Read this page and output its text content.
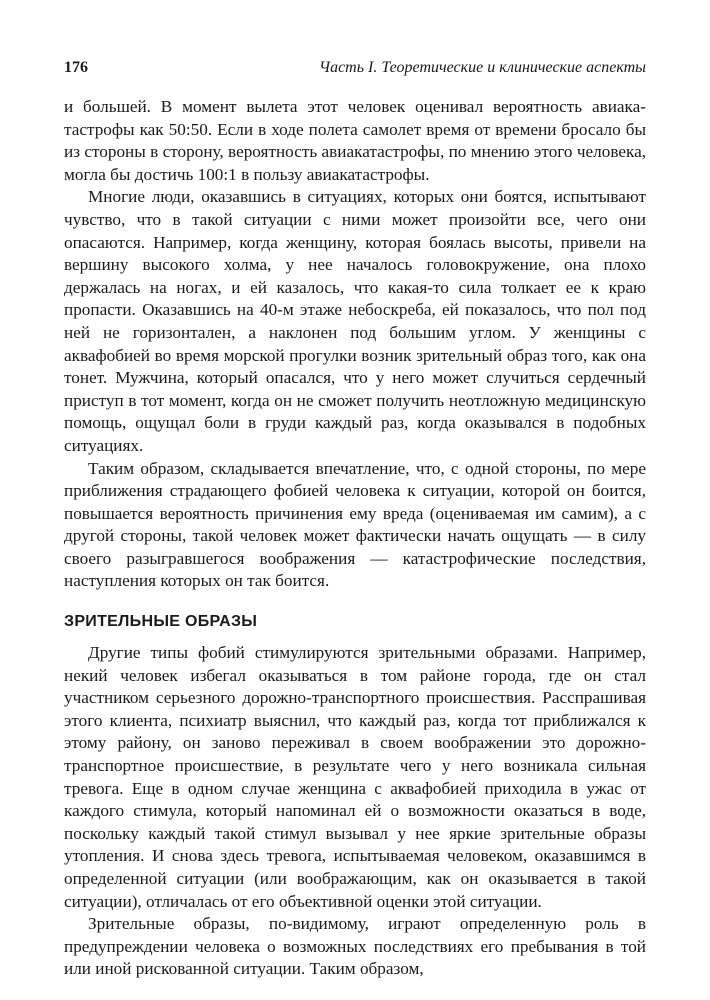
176	Часть I. Теоретические и клинические аспекты

и большей. В момент вылета этот человек оценивал вероятность авиакатастрофы как 50:50. Если в ходе полета самолет время от времени бросало бы из стороны в сторону, вероятность авиакатастрофы, по мнению этого человека, могла бы достичь 100:1 в пользу авиакатастрофы.

Многие люди, оказавшись в ситуациях, которых они боятся, испытывают чувство, что в такой ситуации с ними может произойти все, чего они опасаются. Например, когда женщину, которая боялась высоты, привели на вершину высокого холма, у нее началось головокружение, она плохо держалась на ногах, и ей казалось, что какая-то сила толкает ее к краю пропасти. Оказавшись на 40-м этаже небоскреба, ей показалось, что пол под ней не горизонтален, а наклонен под большим углом. У женщины с аквафобией во время морской прогулки возник зрительный образ того, как она тонет. Мужчина, который опасался, что у него может случиться сердечный приступ в тот момент, когда он не сможет получить неотложную медицинскую помощь, ощущал боли в груди каждый раз, когда оказывался в подобных ситуациях.

Таким образом, складывается впечатление, что, с одной стороны, по мере приближения страдающего фобией человека к ситуации, которой он боится, повышается вероятность причинения ему вреда (оцениваемая им самим), а с другой стороны, такой человек может фактически начать ощущать — в силу своего разыгравшегося воображения — катастрофические последствия, наступления которых он так боится.

ЗРИТЕЛЬНЫЕ ОБРАЗЫ

Другие типы фобий стимулируются зрительными образами. Например, некий человек избегал оказываться в том районе города, где он стал участником серьезного дорожно-транспортного происшествия. Расспрашивая этого клиента, психиатр выяснил, что каждый раз, когда тот приближался к этому району, он заново переживал в своем воображении это дорожно-транспортное происшествие, в результате чего у него возникала сильная тревога. Еще в одном случае женщина с аквафобией приходила в ужас от каждого стимула, который напоминал ей о возможности оказаться в воде, поскольку каждый такой стимул вызывал у нее яркие зрительные образы утопления. И снова здесь тревога, испытываемая человеком, оказавшимся в определенной ситуации (или воображающим, как он оказывается в такой ситуации), отличалась от его объективной оценки этой ситуации.

Зрительные образы, по-видимому, играют определенную роль в предупреждении человека о возможных последствиях его пребывания в той или иной рискованной ситуации. Таким образом,
